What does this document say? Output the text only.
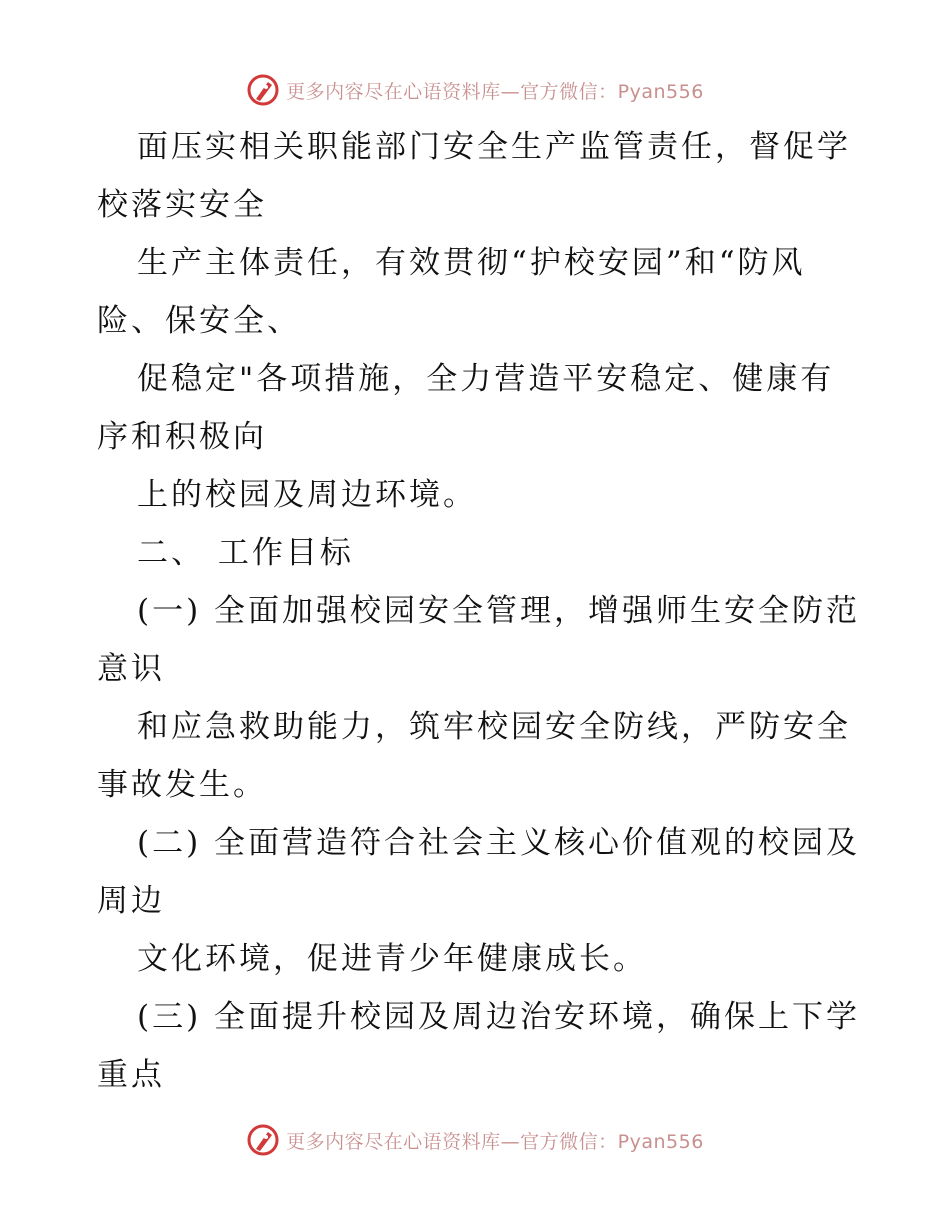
更多内容尽在心语资料库—官方微信：Pyan556

面压实相关职能部门安全生产监管责任，督促学

校落实安全

生产主体责任，有效贯彻“护校安园”和“防风

险、保安全、

促稳定"各项措施，全力营造平安稳定、健康有

序和积极向

上的校园及周边环境。

二、 工作目标

(一) 全面加强校园安全管理，增强师生安全防范

意识

和应急救助能力，筑牢校园安全防线，严防安全

事故发生。

(二) 全面营造符合社会主义核心价值观的校园及

周边

文化环境，促进青少年健康成长。

(三) 全面提升校园及周边治安环境，确保上下学

重点

更多内容尽在心语资料库—官方微信：Pyan556
